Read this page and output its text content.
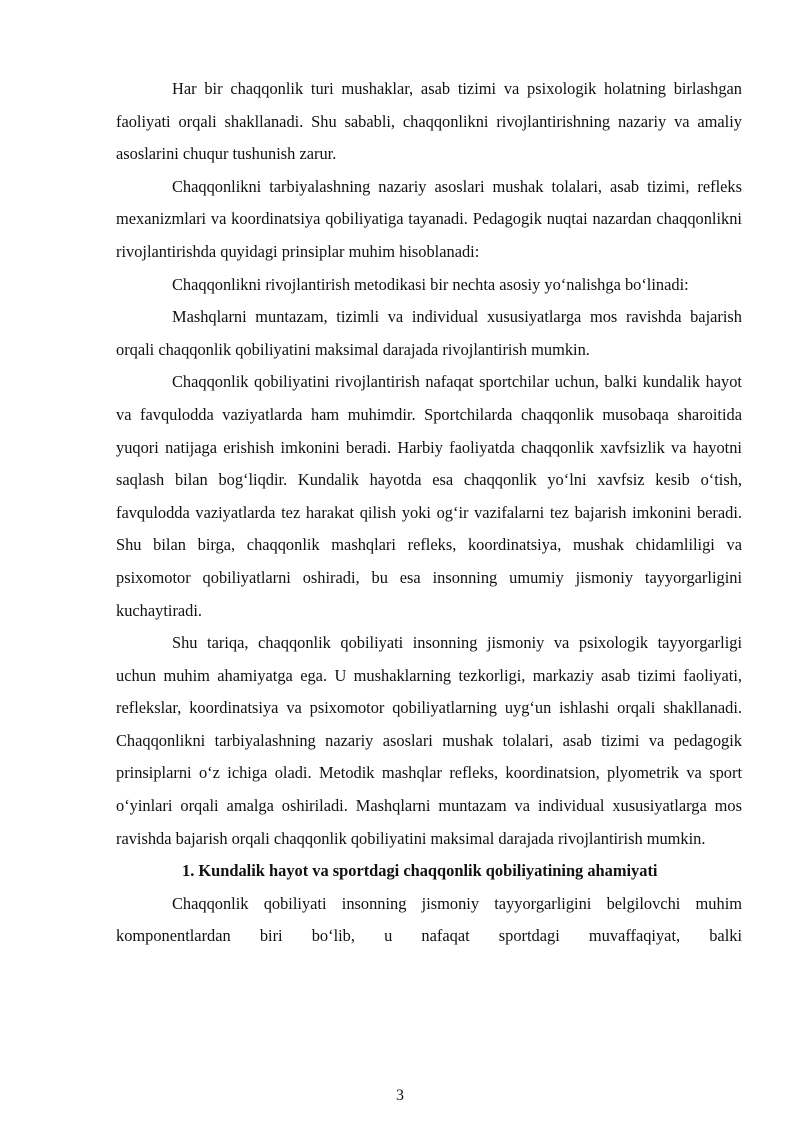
Har bir chaqqonlik turi mushaklar, asab tizimi va psixologik holatning birlashgan faoliyati orqali shakllanadi. Shu sababli, chaqqonlikni rivojlantirishning nazariy va amaliy asoslarini chuqur tushunish zarur.

Chaqqonlikni tarbiyalashning nazariy asoslari mushak tolalari, asab tizimi, refleks mexanizmlari va koordinatsiya qobiliyatiga tayanadi. Pedagogik nuqtai nazardan chaqqonlikni rivojlantirishda quyidagi prinsiplar muhim hisoblanadi:

Chaqqonlikni rivojlantirish metodikasi bir nechta asosiy yo‘nalishga bo‘linadi:

Mashqlarni muntazam, tizimli va individual xususiyatlarga mos ravishda bajarish orqali chaqqonlik qobiliyatini maksimal darajada rivojlantirish mumkin.

Chaqqonlik qobiliyatini rivojlantirish nafaqat sportchilar uchun, balki kundalik hayot va favqulodda vaziyatlarda ham muhimdir. Sportchilarda chaqqonlik musobaqa sharoitida yuqori natijaga erishish imkonini beradi. Harbiy faoliyatda chaqqonlik xavfsizlik va hayotni saqlash bilan bog‘liqdir. Kundalik hayotda esa chaqqonlik yo‘lni xavfsiz kesib o‘tish, favqulodda vaziyatlarda tez harakat qilish yoki og‘ir vazifalarni tez bajarish imkonini beradi. Shu bilan birga, chaqqonlik mashqlari refleks, koordinatsiya, mushak chidamliligi va psixomotor qobiliyatlarni oshiradi, bu esa insonning umumiy jismoniy tayyorgarligini kuchaytiradi.

Shu tariqa, chaqqonlik qobiliyati insonning jismoniy va psixologik tayyorgarligi uchun muhim ahamiyatga ega. U mushaklarning tezkorligi, markaziy asab tizimi faoliyati, reflekslar, koordinatsiya va psixomotor qobiliyatlarning uyg‘un ishlashi orqali shakllanadi. Chaqqonlikni tarbiyalashning nazariy asoslari mushak tolalari, asab tizimi va pedagogik prinsiplarni o‘z ichiga oladi. Metodik mashqlar refleks, koordinatsion, plyometrik va sport o‘yinlari orqali amalga oshiriladi. Mashqlarni muntazam va individual xususiyatlarga mos ravishda bajarish orqali chaqqonlik qobiliyatini maksimal darajada rivojlantirish mumkin.

1. Kundalik hayot va sportdagi chaqqonlik qobiliyatining ahamiyati

Chaqqonlik qobiliyati insonning jismoniy tayyorgarligini belgilovchi muhim komponentlardan biri bo‘lib, u nafaqat sportdagi muvaffaqiyat, balki

3
